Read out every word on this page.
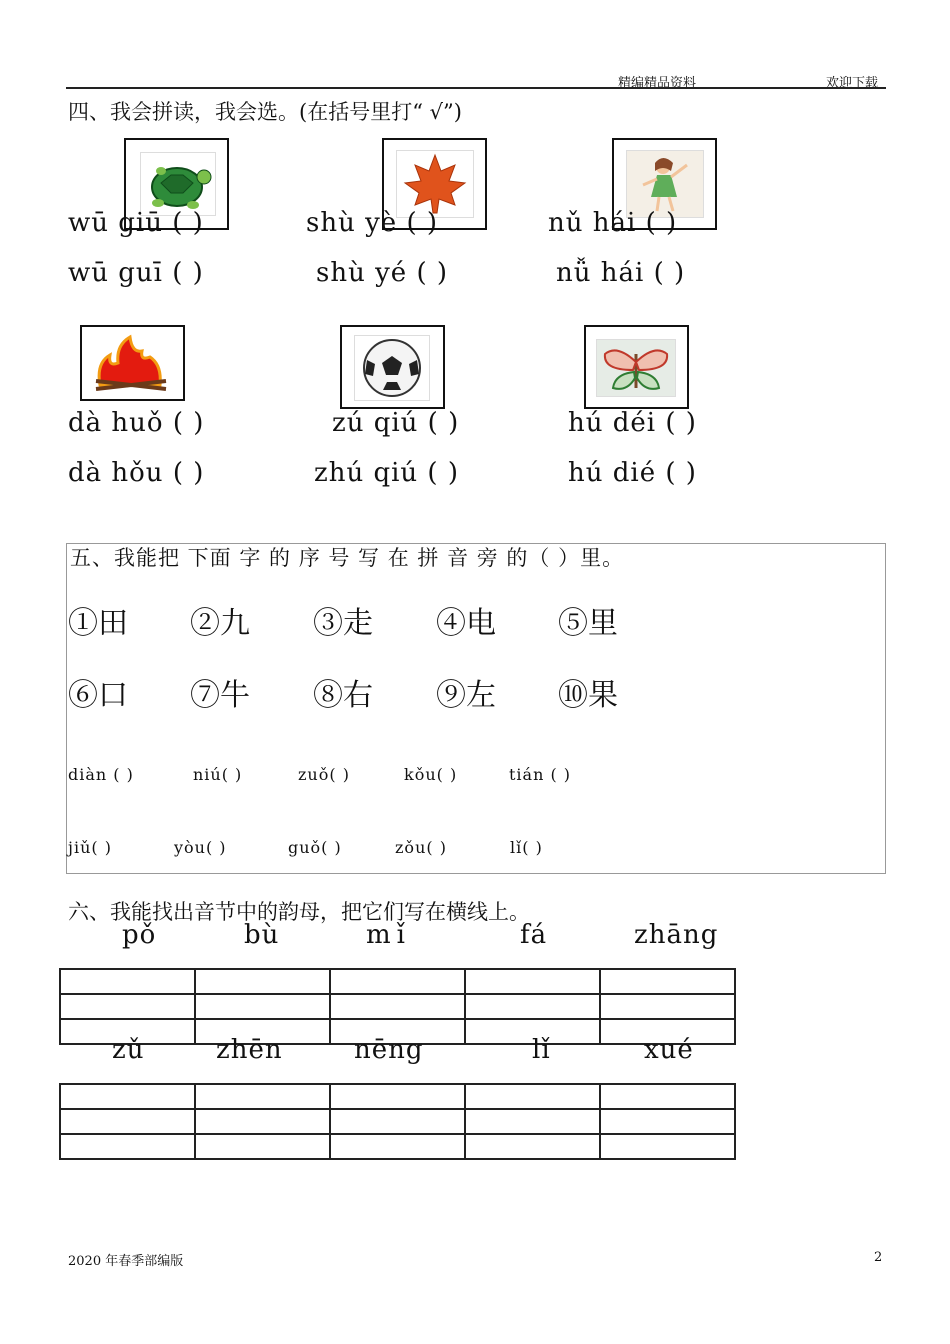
精编精品资料	欢迎下载
四、我会拼读，我会选。(在括号里打“ √”)
wū giū ( )
wū guī ( )
shù yè ( )
shù yé ( )
nǔ hái ( )
nǚ hái ( )
dà huǒ ( )
dà hǒu ( )
zú qiú ( )
zhú qiú ( )
hú déi ( )
hú dié ( )
五、我能把 下面 字 的 序 号 写 在 拼 音 旁 的（ ）里。
①田 ②九 ③走 ④电 ⑤里
⑥口 ⑦牛 ⑧右 ⑨左 ⑩果
diàn ( )	niú( )	zuǒ( )	kǒu( )	tián ( )
jiǔ( )	yòu( )	guǒ( )	zǒu( )	lǐ( )
六、我能找出音节中的韵母，把它们写在横线上。
pǒ	bù	mǐ	fá	zhāng

zǔ	zhēn	nēng	lǐ	xué

2020 年春季部编版	2
